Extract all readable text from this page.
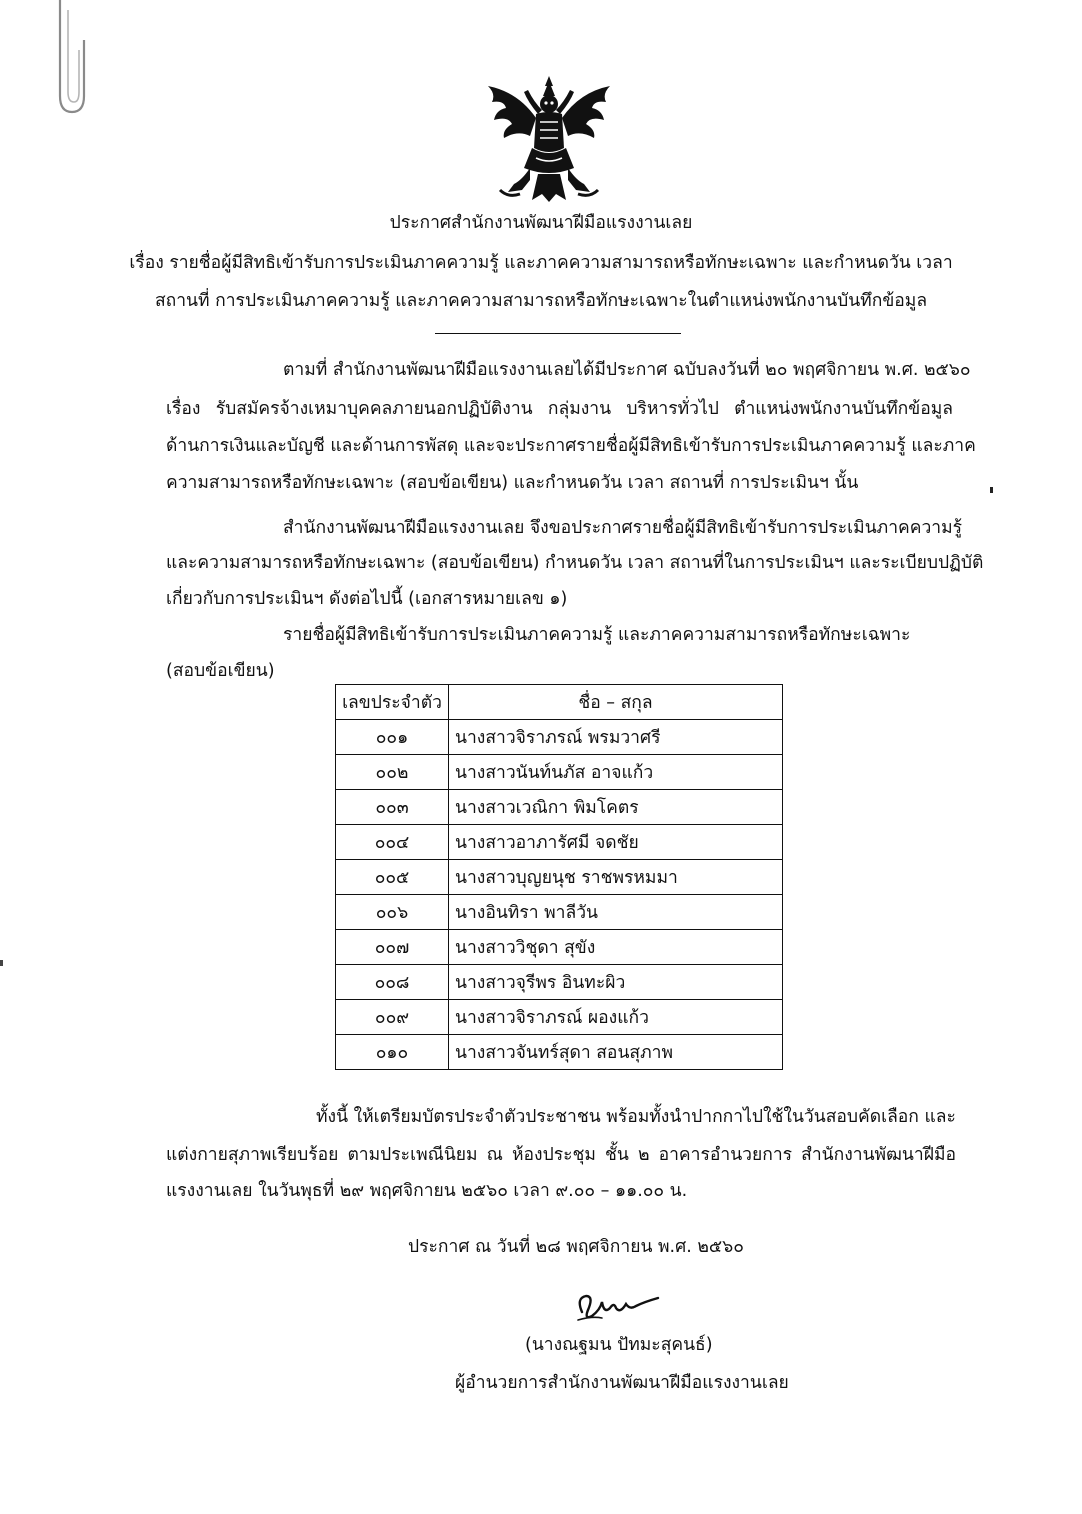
ประกาศสำนักงานพัฒนาฝีมือแรงงานเลย
เรื่อง รายชื่อผู้มีสิทธิเข้ารับการประเมินภาคความรู้ และภาคความสามารถหรือทักษะเฉพาะ และกำหนดวัน เวลา
สถานที่ การประเมินภาคความรู้ และภาคความสามารถหรือทักษะเฉพาะในตำแหน่งพนักงานบันทึกข้อมูล
ตามที่ สำนักงานพัฒนาฝีมือแรงงานเลยได้มีประกาศ ฉบับลงวันที่ ๒๐ พฤศจิกายน พ.ศ. ๒๕๖๐
เรื่อง รับสมัครจ้างเหมาบุคคลภายนอกปฏิบัติงาน กลุ่มงาน บริหารทั่วไป ตำแหน่งพนักงานบันทึกข้อมูล
ด้านการเงินและบัญชี และด้านการพัสดุ และจะประกาศรายชื่อผู้มีสิทธิเข้ารับการประเมินภาคความรู้ และภาค
ความสามารถหรือทักษะเฉพาะ (สอบข้อเขียน) และกำหนดวัน เวลา สถานที่ การประเมินฯ นั้น
สำนักงานพัฒนาฝีมือแรงงานเลย จึงขอประกาศรายชื่อผู้มีสิทธิเข้ารับการประเมินภาคความรู้
และความสามารถหรือทักษะเฉพาะ (สอบข้อเขียน) กำหนดวัน เวลา สถานที่ในการประเมินฯ และระเบียบปฏิบัติ
เกี่ยวกับการประเมินฯ ดังต่อไปนี้ (เอกสารหมายเลข ๑)
รายชื่อผู้มีสิทธิเข้ารับการประเมินภาคความรู้ และภาคความสามารถหรือทักษะเฉพาะ
(สอบข้อเขียน)
เลขประจำตัว	ชื่อ – สกุล
๐๐๑	นางสาวจิราภรณ์ พรมวาศรี
๐๐๒	นางสาวนันท์นภัส อาจแก้ว
๐๐๓	นางสาวเวณิกา พิมโคตร
๐๐๔	นางสาวอาภารัศมี จดชัย
๐๐๕	นางสาวบุญยนุช ราชพรหมมา
๐๐๖	นางอินทิรา พาลีวัน
๐๐๗	นางสาววิชุดา สุขัง
๐๐๘	นางสาวจุรีพร อินทะผิว
๐๐๙	นางสาวจิราภรณ์ ผองแก้ว
๐๑๐	นางสาวจันทร์สุดา สอนสุภาพ
ทั้งนี้ ให้เตรียมบัตรประจำตัวประชาชน พร้อมทั้งนำปากกาไปใช้ในวันสอบคัดเลือก และ
แต่งกายสุภาพเรียบร้อย ตามประเพณีนิยม ณ ห้องประชุม ชั้น ๒ อาคารอำนวยการ สำนักงานพัฒนาฝีมือ
แรงงานเลย ในวันพุธที่ ๒๙ พฤศจิกายน ๒๕๖๐ เวลา ๙.๐๐ – ๑๑.๐๐ น.
ประกาศ ณ วันที่ ๒๘ พฤศจิกายน พ.ศ. ๒๕๖๐
(นางณฐมน ปัทมะสุคนธ์)
ผู้อำนวยการสำนักงานพัฒนาฝีมือแรงงานเลย
